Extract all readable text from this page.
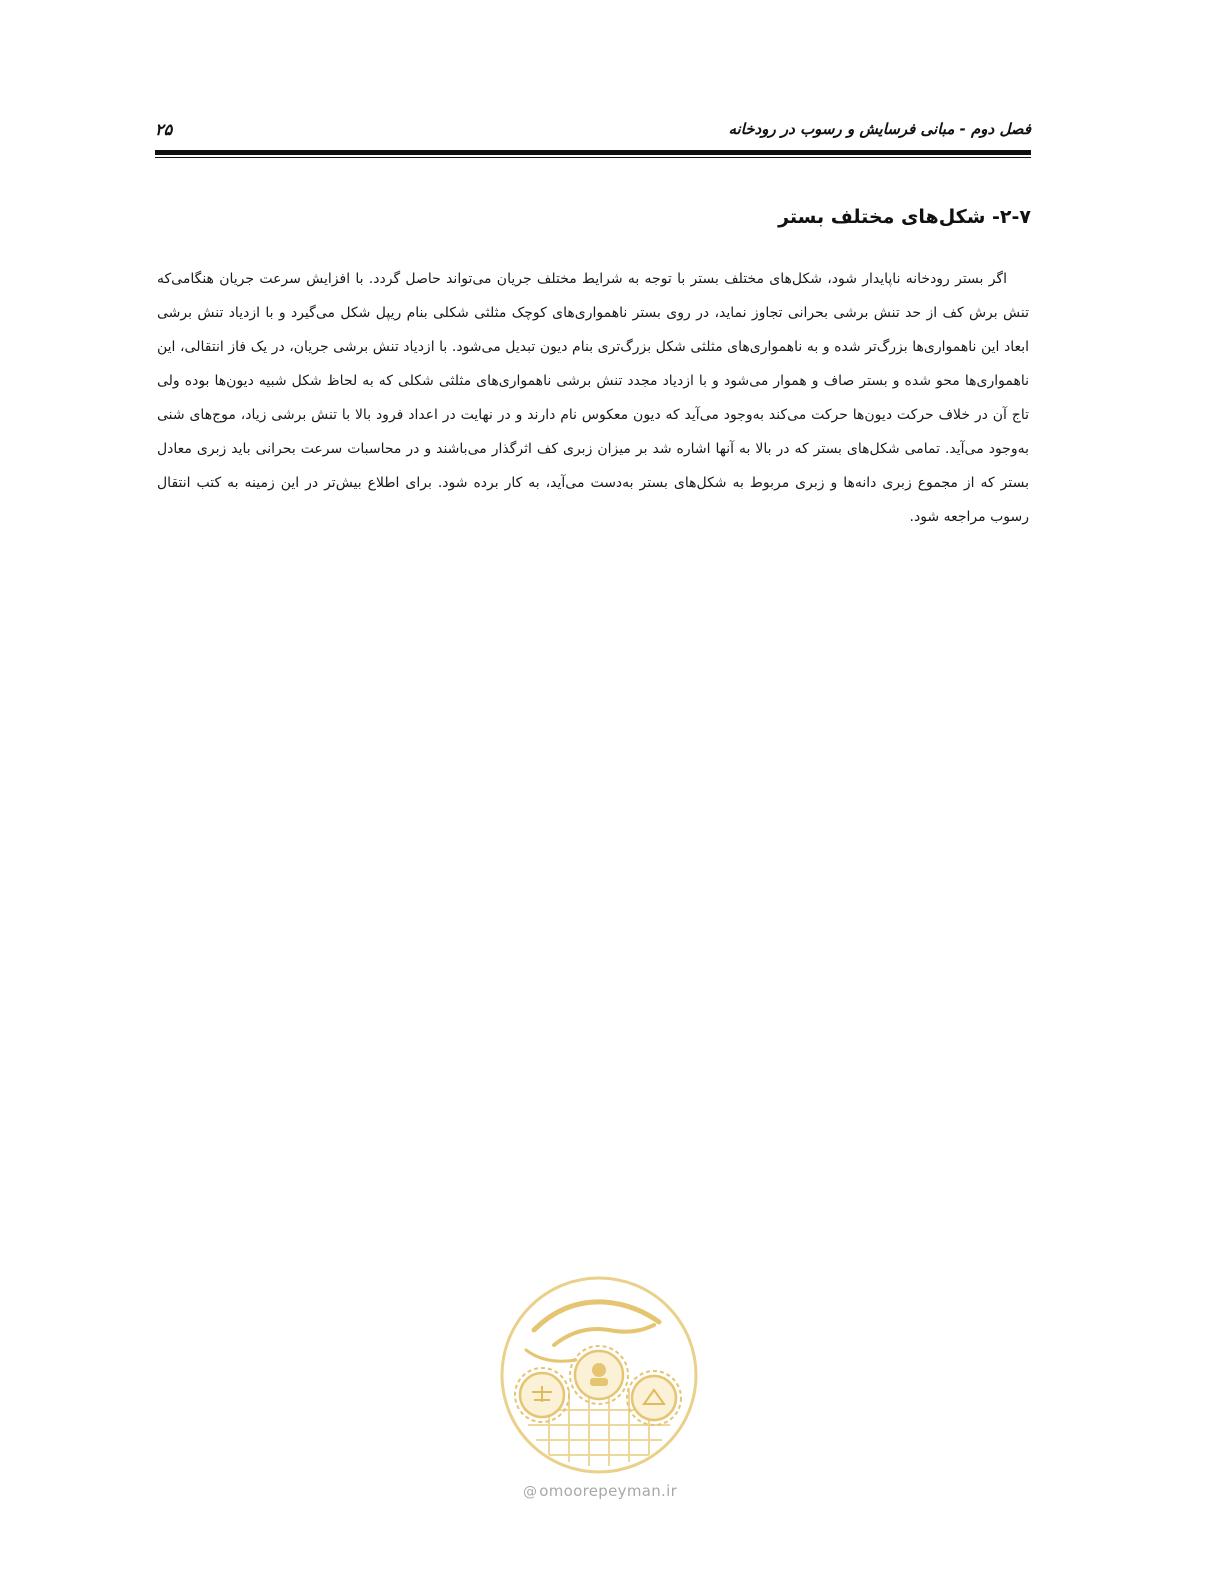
فصل دوم - مبانی فرسایش و رسوب در رودخانه
۲۵
۲-۷- شکل‌های مختلف بستر
اگر بستر رودخانه ناپایدار شود، شکل‌های مختلف بستر با توجه به شرایط مختلف جریان می‌تواند حاصل گردد. با افزایش سرعت جریان هنگامی‌که تنش برش کف از حد تنش برشی بحرانی تجاوز نماید، در روی بستر ناهمواری‌های کوچک مثلثی شکلی بنام ریپل شکل می‌گیرد و با ازدیاد تنش برشی ابعاد این ناهمواری‌ها بزرگ‌تر شده و به ناهمواری‌های مثلثی شکل بزرگ‌تری بنام دیون تبدیل می‌شود. با ازدیاد تنش برشی جریان، در یک فاز انتقالی، این ناهمواری‌ها محو شده و بستر صاف و هموار می‌شود و با ازدیاد مجدد تنش برشی ناهمواری‌های مثلثی شکلی که به لحاظ شکل شبیه دیون‌ها بوده ولی تاج آن در خلاف حرکت دیون‌ها حرکت می‌کند به‌وجود می‌آید که دیون معکوس نام دارند و در نهایت در اعداد فرود بالا با تنش برشی زیاد، موج‌های شنی به‌وجود می‌آید. تمامی شکل‌های بستر که در بالا به آنها اشاره شد بر میزان زبری کف اثرگذار می‌باشند و در محاسبات سرعت بحرانی باید زبری معادل بستر که از مجموع زبری دانه‌ها و زبری مربوط به شکل‌های بستر به‌دست می‌آید، به کار برده شود. برای اطلاع بیش‌تر در این زمینه به کتب انتقال رسوب مراجعه شود.
@ omoorepeyman.ir
